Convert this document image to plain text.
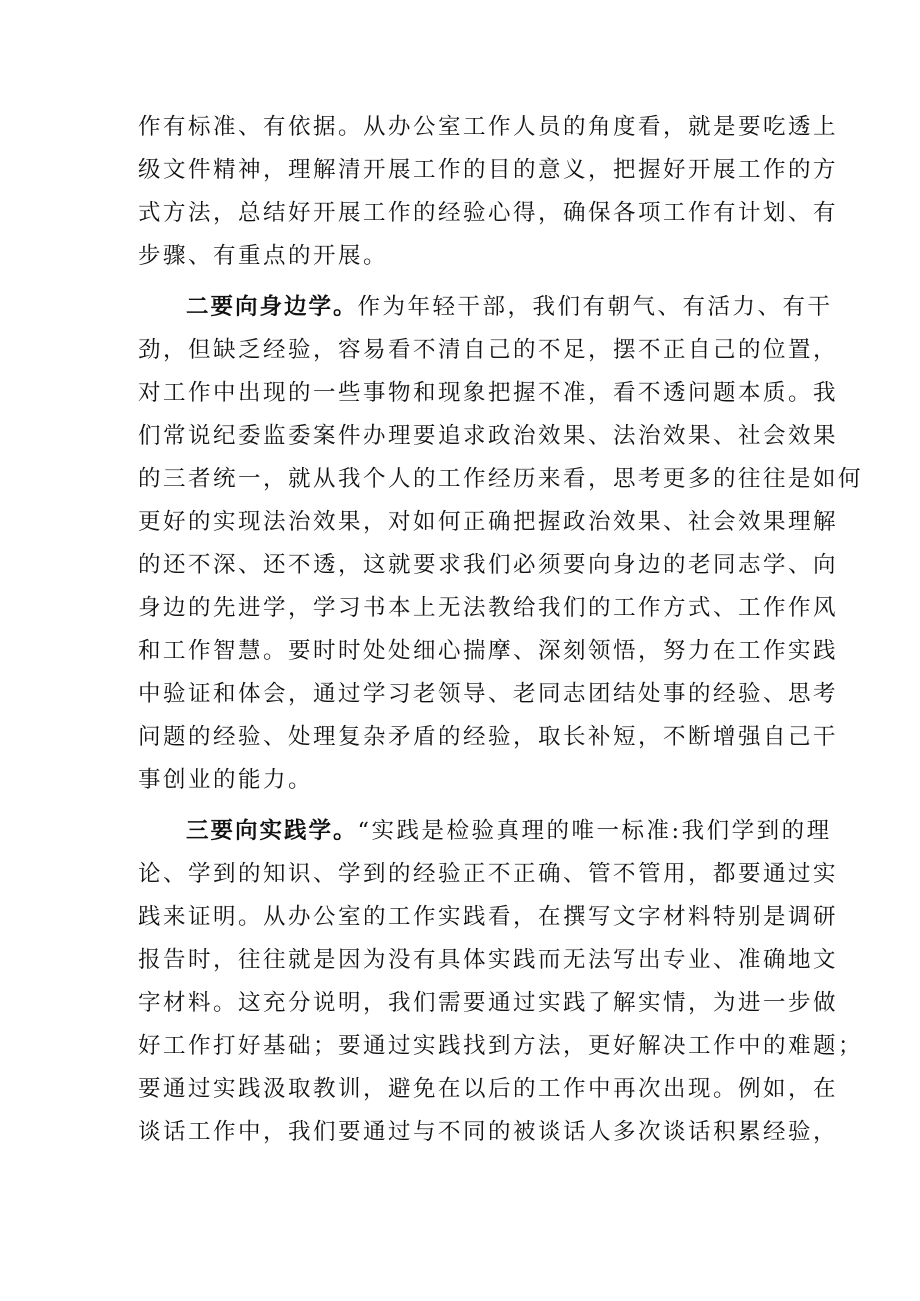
作有标准、有依据。从办公室工作人员的角度看，就是要吃透上
级文件精神，理解清开展工作的目的意义，把握好开展工作的方
式方法，总结好开展工作的经验心得，确保各项工作有计划、有
步骤、有重点的开展。
二要向身边学。作为年轻干部，我们有朝气、有活力、有干
劲，但缺乏经验，容易看不清自己的不足，摆不正自己的位置，
对工作中出现的一些事物和现象把握不准，看不透问题本质。我
们常说纪委监委案件办理要追求政治效果、法治效果、社会效果
的三者统一，就从我个人的工作经历来看，思考更多的往往是如何
更好的实现法治效果，对如何正确把握政治效果、社会效果理解
的还不深、还不透，这就要求我们必须要向身边的老同志学、向
身边的先进学，学习书本上无法教给我们的工作方式、工作作风
和工作智慧。要时时处处细心揣摩、深刻领悟，努力在工作实践
中验证和体会，通过学习老领导、老同志团结处事的经验、思考
问题的经验、处理复杂矛盾的经验，取长补短，不断增强自己干
事创业的能力。
三要向实践学。“实践是检验真理的唯一标准:我们学到的理
论、学到的知识、学到的经验正不正确、管不管用，都要通过实
践来证明。从办公室的工作实践看，在撰写文字材料特别是调研
报告时，往往就是因为没有具体实践而无法写出专业、准确地文
字材料。这充分说明，我们需要通过实践了解实情，为进一步做
好工作打好基础；要通过实践找到方法，更好解决工作中的难题；
要通过实践汲取教训，避免在以后的工作中再次出现。例如，在
谈话工作中，我们要通过与不同的被谈话人多次谈话积累经验，
